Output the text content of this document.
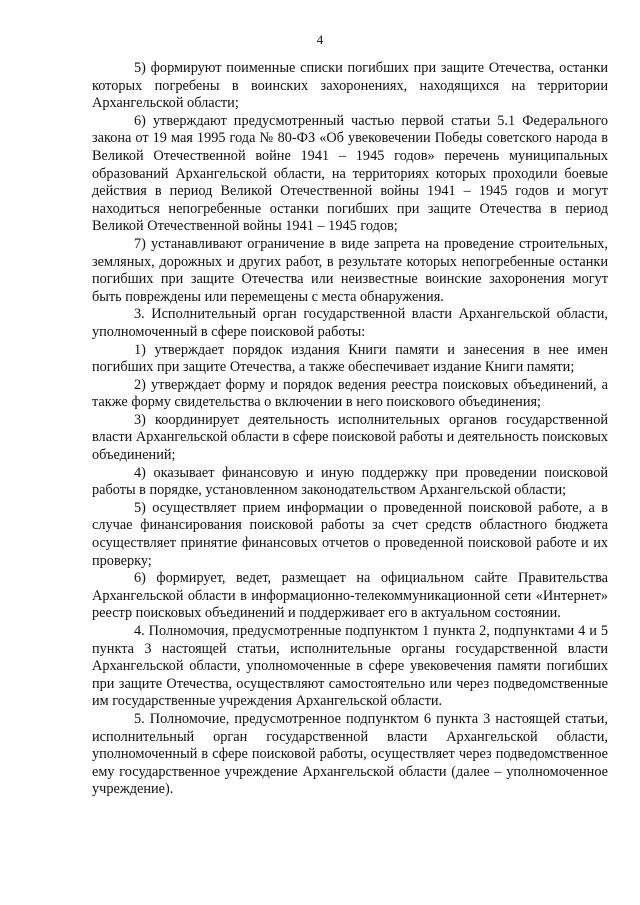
4

5) формируют поименные списки погибших при защите Отечества, останки которых погребены в воинских захоронениях, находящихся на территории Архангельской области;

6) утверждают предусмотренный частью первой статьи 5.1 Федерального закона от 19 мая 1995 года № 80-ФЗ «Об увековечении Победы советского народа в Великой Отечественной войне 1941 – 1945 годов» перечень муниципальных образований Архангельской области, на территориях которых проходили боевые действия в период Великой Отечественной войны 1941 – 1945 годов и могут находиться непогребенные останки погибших при защите Отечества в период Великой Отечественной войны 1941 – 1945 годов;

7) устанавливают ограничение в виде запрета на проведение строительных, земляных, дорожных и других работ, в результате которых непогребенные останки погибших при защите Отечества или неизвестные воинские захоронения могут быть повреждены или перемещены с места обнаружения.

3. Исполнительный орган государственной власти Архангельской области, уполномоченный в сфере поисковой работы:

1) утверждает порядок издания Книги памяти и занесения в нее имен погибших при защите Отечества, а также обеспечивает издание Книги памяти;

2) утверждает форму и порядок ведения реестра поисковых объединений, а также форму свидетельства о включении в него поискового объединения;

3) координирует деятельность исполнительных органов государственной власти Архангельской области в сфере поисковой работы и деятельность поисковых объединений;

4) оказывает финансовую и иную поддержку при проведении поисковой работы в порядке, установленном законодательством Архангельской области;

5) осуществляет прием информации о проведенной поисковой работе, а в случае финансирования поисковой работы за счет средств областного бюджета осуществляет принятие финансовых отчетов о проведенной поисковой работе и их проверку;

6) формирует, ведет, размещает на официальном сайте Правительства Архангельской области в информационно-телекоммуникационной сети «Интернет» реестр поисковых объединений и поддерживает его в актуальном состоянии.

4. Полномочия, предусмотренные подпунктом 1 пункта 2, подпунктами 4 и 5 пункта 3 настоящей статьи, исполнительные органы государственной власти Архангельской области, уполномоченные в сфере увековечения памяти погибших при защите Отечества, осуществляют самостоятельно или через подведомственные им государственные учреждения Архангельской области.

5. Полномочие, предусмотренное подпунктом 6 пункта 3 настоящей статьи, исполнительный орган государственной власти Архангельской области, уполномоченный в сфере поисковой работы, осуществляет через подведомственное ему государственное учреждение Архангельской области (далее – уполномоченное учреждение).
